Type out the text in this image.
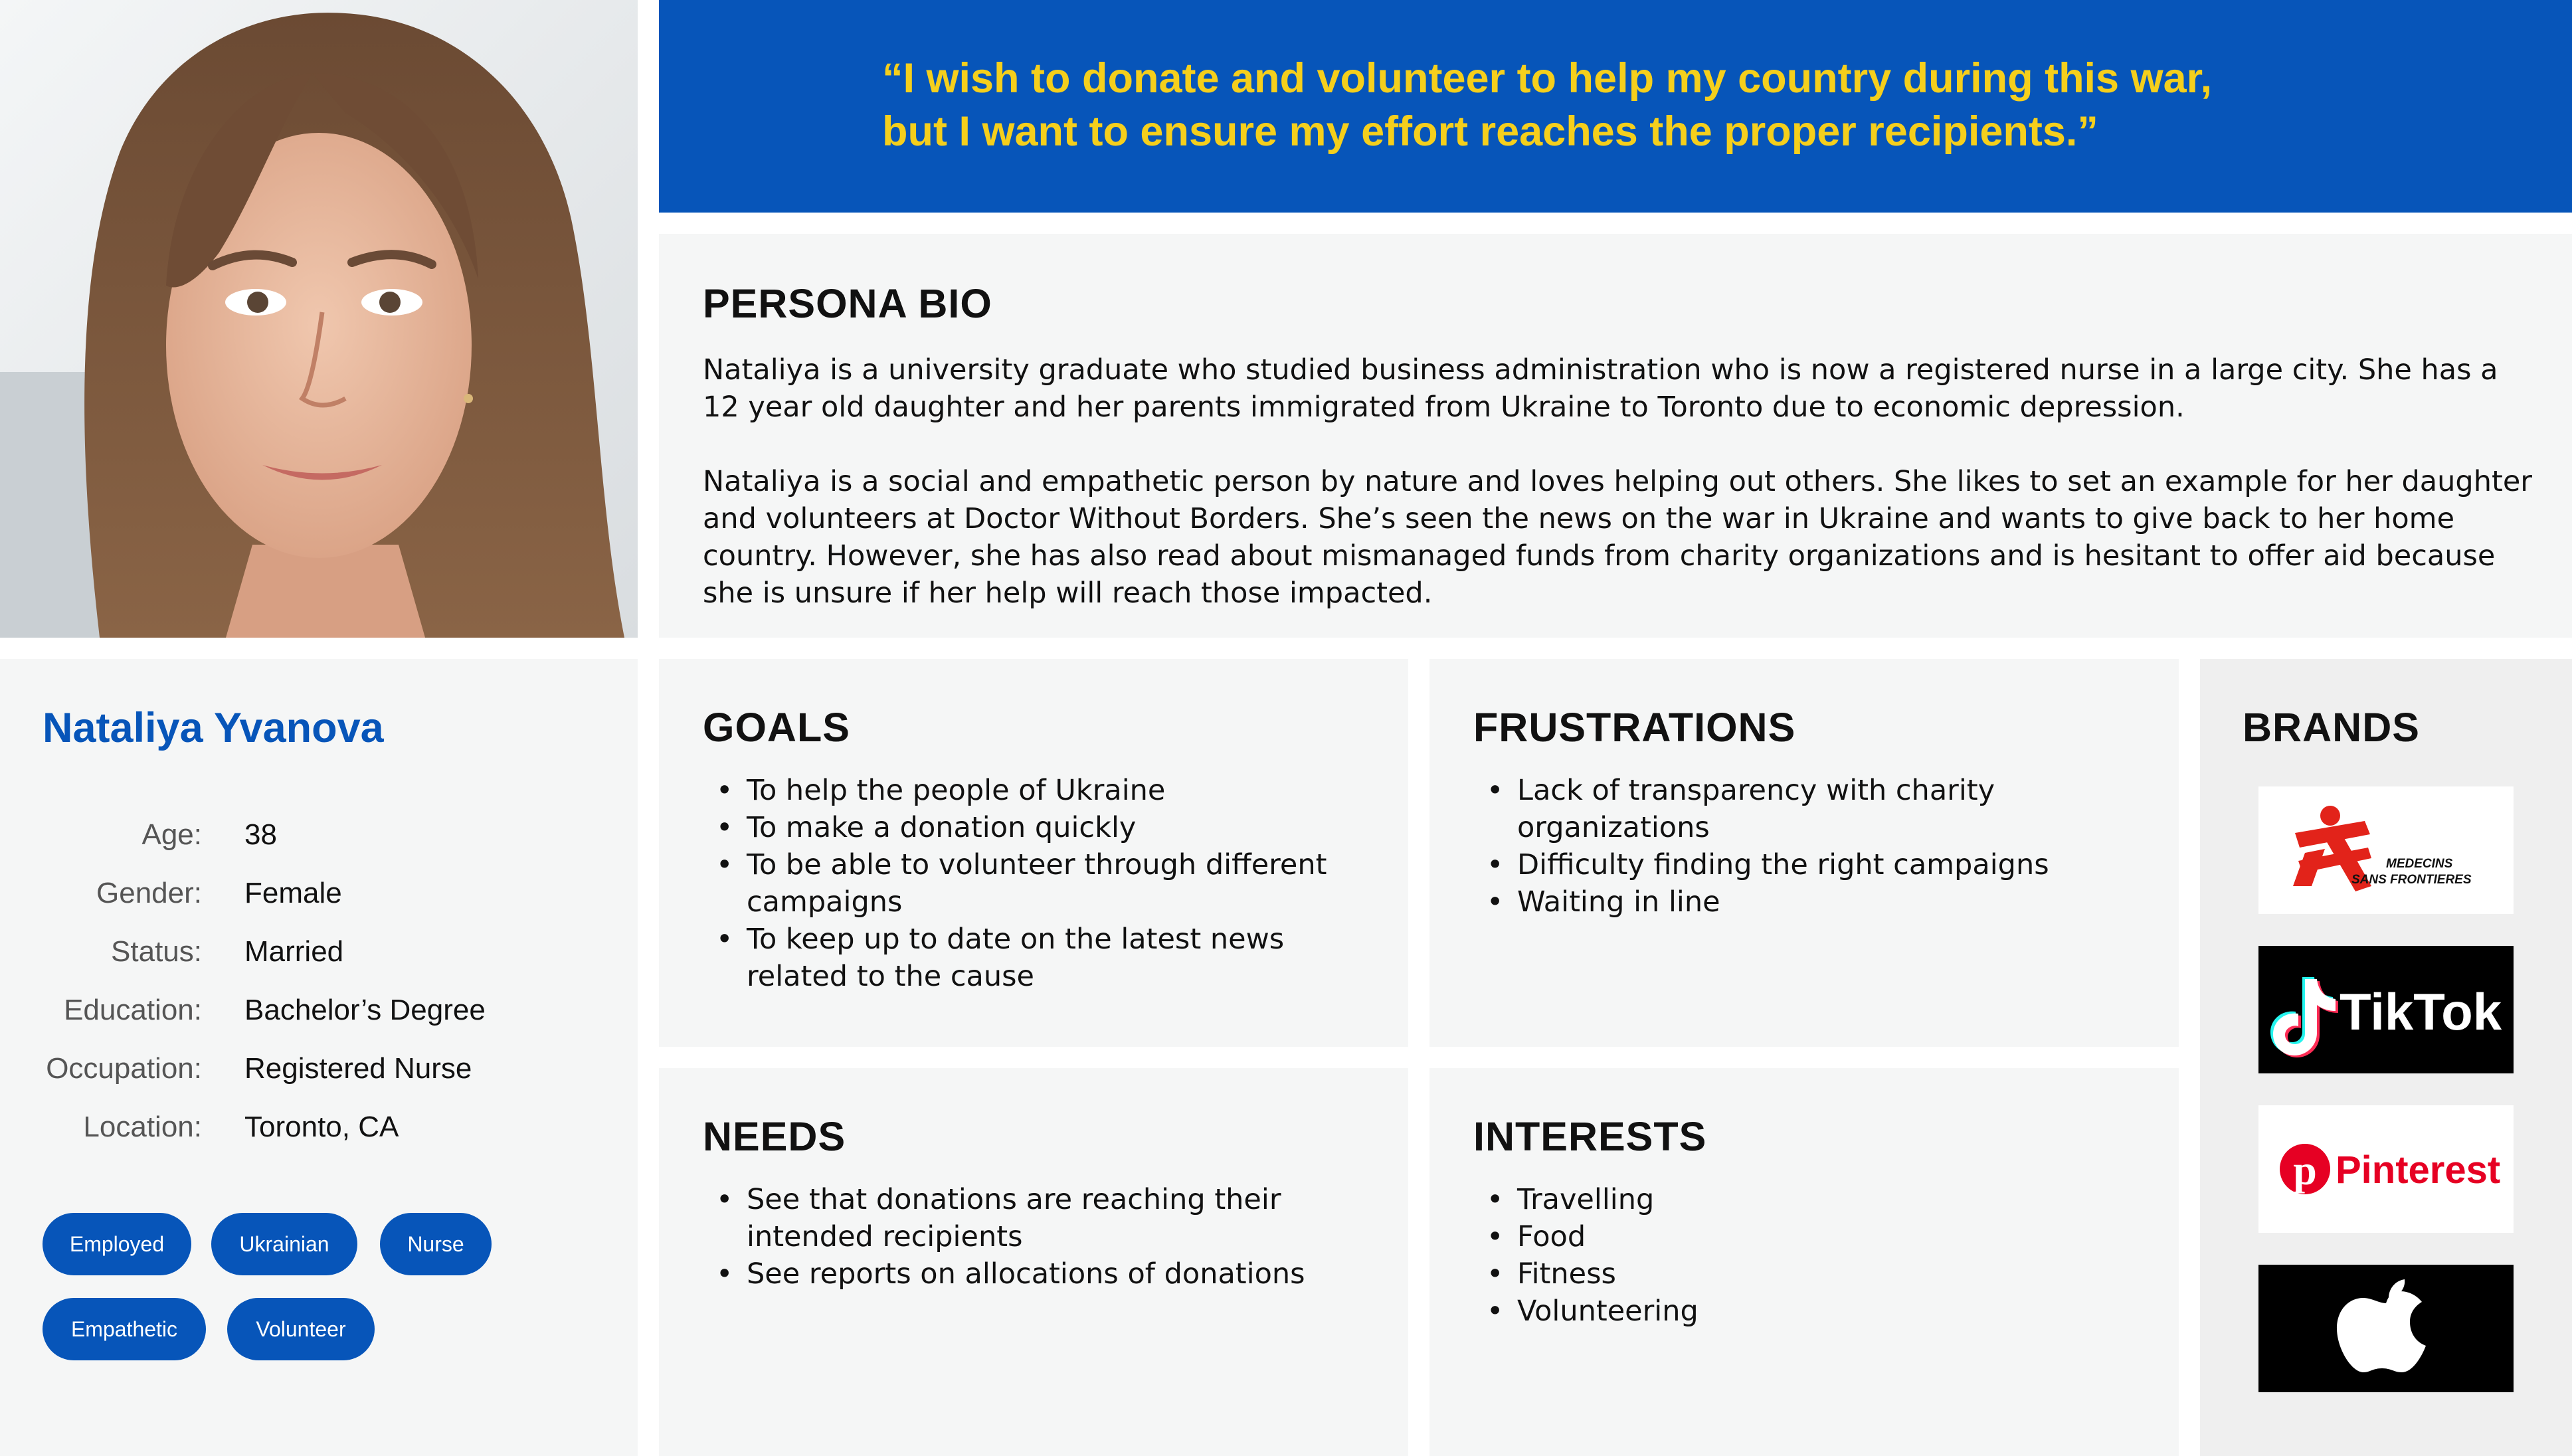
“I wish to donate and volunteer to help my country during this war,
but I want to ensure my effort reaches the proper recipients.”

PERSONA BIO

Nataliya is a university graduate who studied business administration who is now a registered nurse in a large city. She has a 12 year old daughter and her parents immigrated from Ukraine to Toronto due to economic depression.

Nataliya is a social and empathetic person by nature and loves helping out others. She likes to set an example for her daughter and volunteers at Doctor Without Borders. She’s seen the news on the war in Ukraine and wants to give back to her home country. However, she has also read about mismanaged funds from charity organizations and is hesitant to offer aid because she is unsure if her help will reach those impacted.

Nataliya Yvanova
Age: 38
Gender: Female
Status: Married
Education: Bachelor’s Degree
Occupation: Registered Nurse
Location: Toronto, CA
Employed	Ukrainian	Nurse
Empathetic	Volunteer
GOALS
• To help the people of Ukraine
• To make a donation quickly
• To be able to volunteer through different campaigns
• To keep up to date on the latest news related to the cause
FRUSTRATIONS
• Lack of transparency with charity organizations
• Difficulty finding the right campaigns
• Waiting in line
NEEDS
• See that donations are reaching their intended recipients
• See reports on allocations of donations
INTERESTS
• Travelling
• Food
• Fitness
• Volunteering
BRANDS
MEDECINS
SANS FRONTIERES
TikTok
p Pinterest
